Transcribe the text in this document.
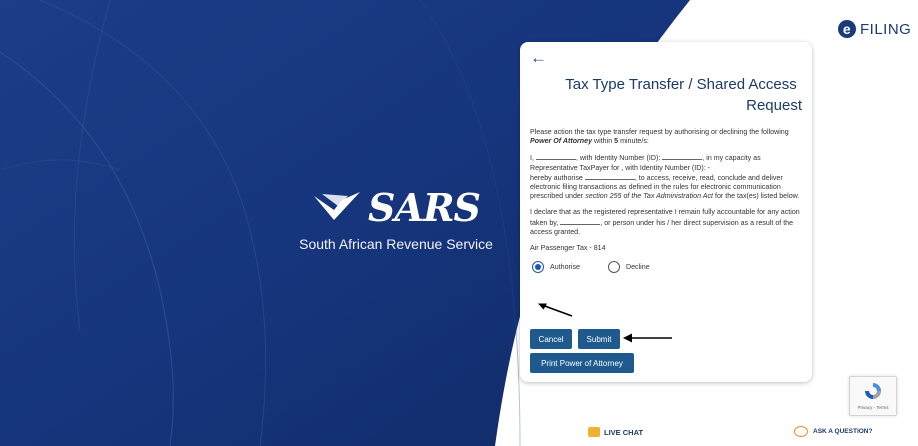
SARS
South African Revenue Service
e FILING
←
Tax Type Transfer / Shared Access
Request

Please action the tax type transfer request by authorising or declining the following Power Of Attorney within 5 minute/s:

I,	, with Identity Number (ID):	, in my capacity as Representative TaxPayer for , with Identity Number (ID): -
hereby authorise	, to access, receive, read, conclude and deliver electronic filing transactions as defined in the rules for electronic communication prescribed under section 255 of the Tax Administration Act for the tax(es) listed below.

I declare that as the registered representative I remain fully accountable for any action taken by,	, or person under his / her direct supervision as a result of the access granted.

Air Passenger Tax - 814
Authorise	Decline
Cancel	Submit
Print Power of Attorney
Privacy - Terms
LIVE CHAT	ASK A QUESTION?
